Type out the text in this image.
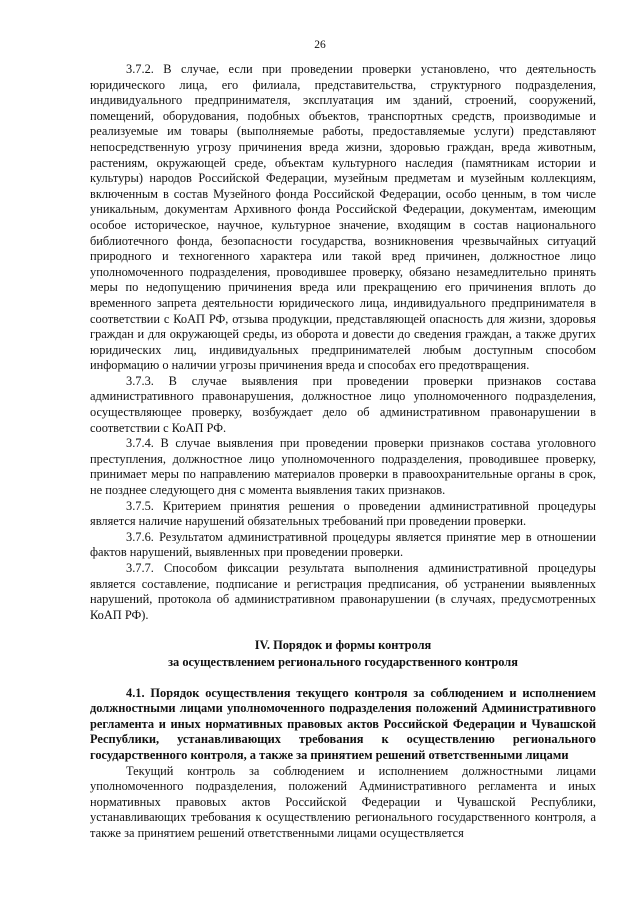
26

3.7.2. В случае, если при проведении проверки установлено, что деятельность юридического лица, его филиала, представительства, структурного подразделения, индивидуального предпринимателя, эксплуатация им зданий, строений, сооружений, помещений, оборудования, подобных объектов, транспортных средств, производимые и реализуемые им товары (выполняемые работы, предоставляемые услуги) представляют непосредственную угрозу причинения вреда жизни, здоровью граждан, вреда животным, растениям, окружающей среде, объектам культурного наследия (памятникам истории и культуры) народов Российской Федерации, музейным предметам и музейным коллекциям, включенным в состав Музейного фонда Российской Федерации, особо ценным, в том числе уникальным, документам Архивного фонда Российской Федерации, документам, имеющим особое историческое, научное, культурное значение, входящим в состав национального библиотечного фонда, безопасности государства, возникновения чрезвычайных ситуаций природного и техногенного характера или такой вред причинен, должностное лицо уполномоченного подразделения, проводившее проверку, обязано незамедлительно принять меры по недопущению причинения вреда или прекращению его причинения вплоть до временного запрета деятельности юридического лица, индивидуального предпринимателя в соответствии с КоАП РФ, отзыва продукции, представляющей опасность для жизни, здоровья граждан и для окружающей среды, из оборота и довести до сведения граждан, а также других юридических лиц, индивидуальных предпринимателей любым доступным способом информацию о наличии угрозы причинения вреда и способах его предотвращения.

3.7.3. В случае выявления при проведении проверки признаков состава административного правонарушения, должностное лицо уполномоченного подразделения, осуществляющее проверку, возбуждает дело об административном правонарушении в соответствии с КоАП РФ.

3.7.4. В случае выявления при проведении проверки признаков состава уголовного преступления, должностное лицо уполномоченного подразделения, проводившее проверку, принимает меры по направлению материалов проверки в правоохранительные органы в срок, не позднее следующего дня с момента выявления таких признаков.

3.7.5. Критерием принятия решения о проведении административной процедуры является наличие нарушений обязательных требований при проведении проверки.

3.7.6. Результатом административной процедуры является принятие мер в отношении фактов нарушений, выявленных при проведении проверки.

3.7.7. Способом фиксации результата выполнения административной процедуры является составление, подписание и регистрация предписания, об устранении выявленных нарушений, протокола об административном правонарушении (в случаях, предусмотренных КоАП РФ).

IV. Порядок и формы контроля

за осуществлением регионального государственного контроля

4.1. Порядок осуществления текущего контроля за соблюдением и исполнением должностными лицами уполномоченного подразделения положений Административного регламента и иных нормативных правовых актов Российской Федерации и Чувашской Республики, устанавливающих требования к осуществлению регионального государственного контроля, а также за принятием решений ответственными лицами

Текущий контроль за соблюдением и исполнением должностными лицами уполномоченного подразделения, положений Административного регламента и иных нормативных правовых актов Российской Федерации и Чувашской Республики, устанавливающих требования к осуществлению регионального государственного контроля, а также за принятием решений ответственными лицами осуществляется
